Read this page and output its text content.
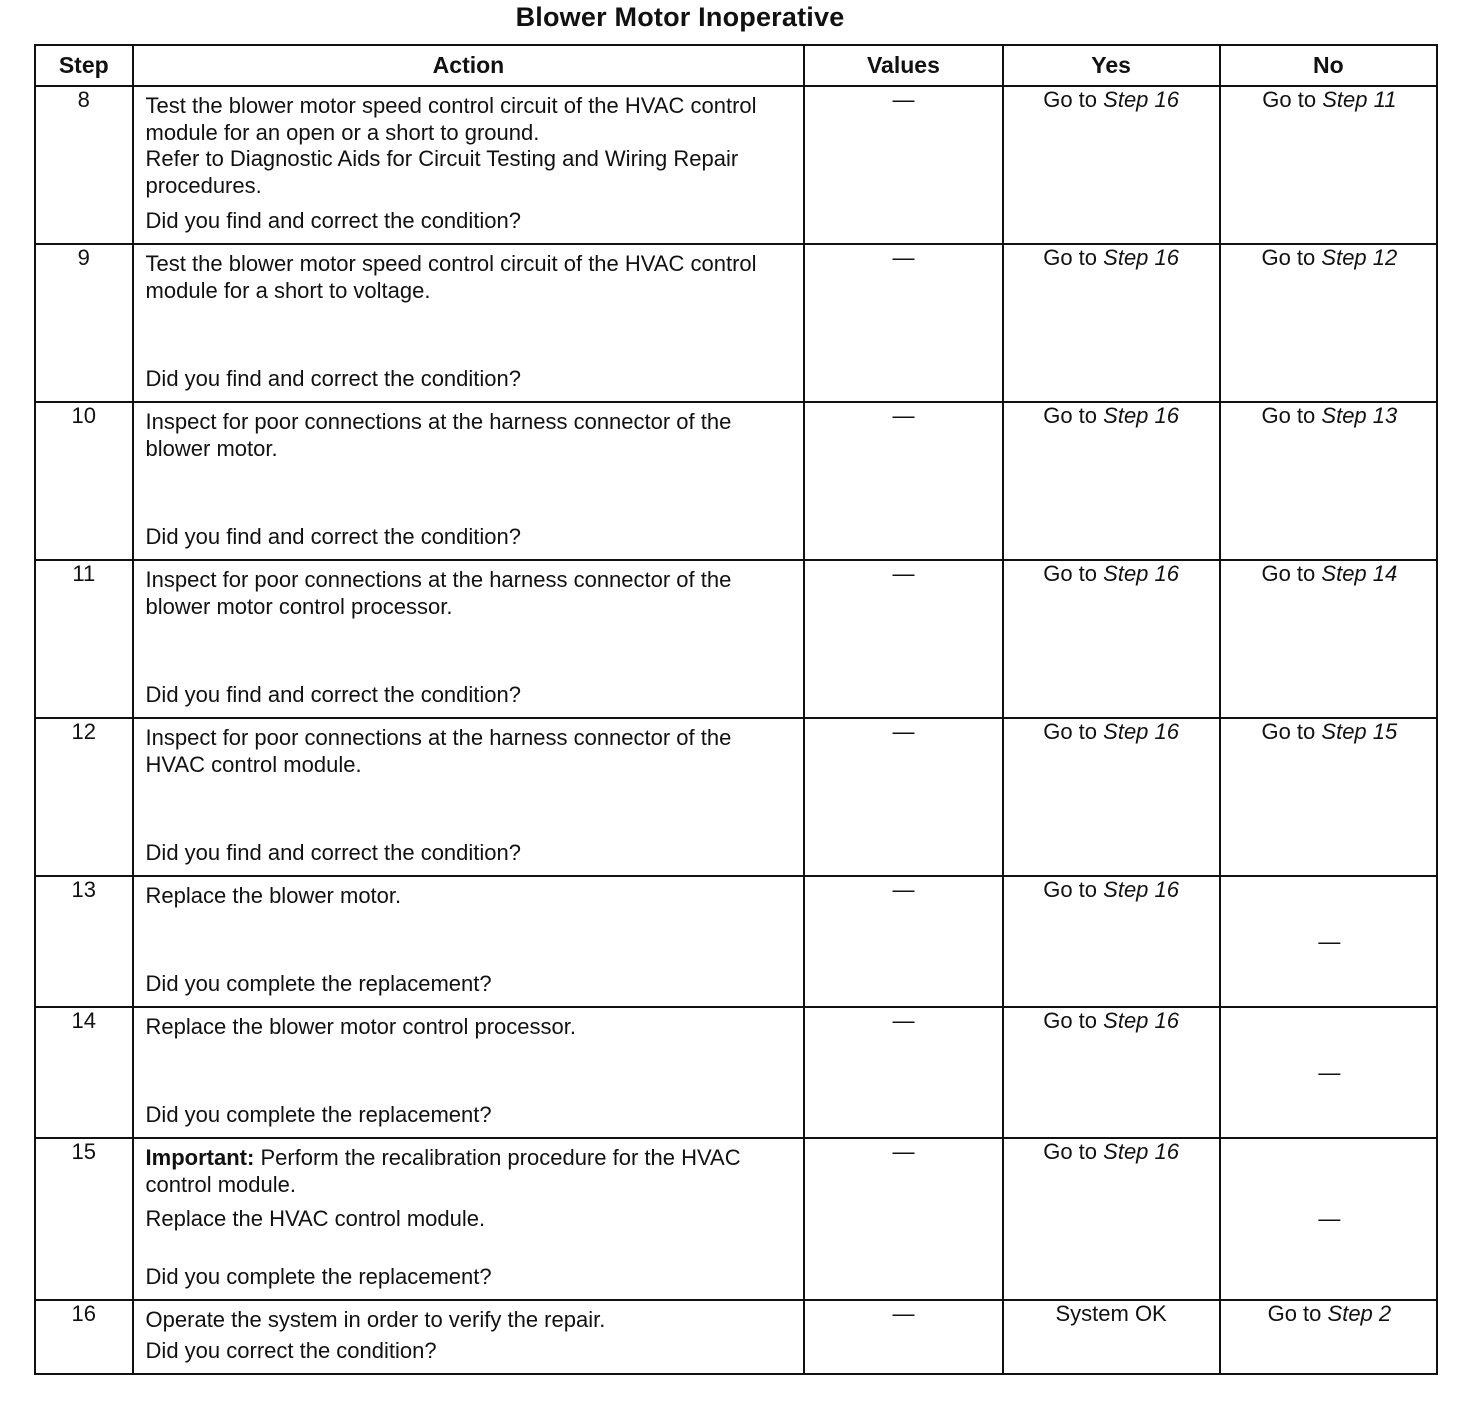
Blower Motor Inoperative
Step	Action	Values	Yes	No
8	Test the blower motor speed control circuit of the HVAC control module for an open or a short to ground.

Refer to Diagnostic Aids for Circuit Testing and Wiring Repair procedures.

Did you find and correct the condition?	—	Go to Step 16	Go to Step 11
9	Test the blower motor speed control circuit of the HVAC control module for a short to voltage.

Did you find and correct the condition?	—	Go to Step 16	Go to Step 12
10	Inspect for poor connections at the harness connector of the blower motor.

Did you find and correct the condition?	—	Go to Step 16	Go to Step 13
11	Inspect for poor connections at the harness connector of the blower motor control processor.

Did you find and correct the condition?	—	Go to Step 16	Go to Step 14
12	Inspect for poor connections at the harness connector of the HVAC control module.

Did you find and correct the condition?	—	Go to Step 16	Go to Step 15
13	Replace the blower motor.

Did you complete the replacement?	—	Go to Step 16	—
14	Replace the blower motor control processor.

Did you complete the replacement?	—	Go to Step 16	—
15	Important: Perform the recalibration procedure for the HVAC control module.

Replace the HVAC control module.

Did you complete the replacement?	—	Go to Step 16	—
16	Operate the system in order to verify the repair.

Did you correct the condition?	—	System OK	Go to Step 2
